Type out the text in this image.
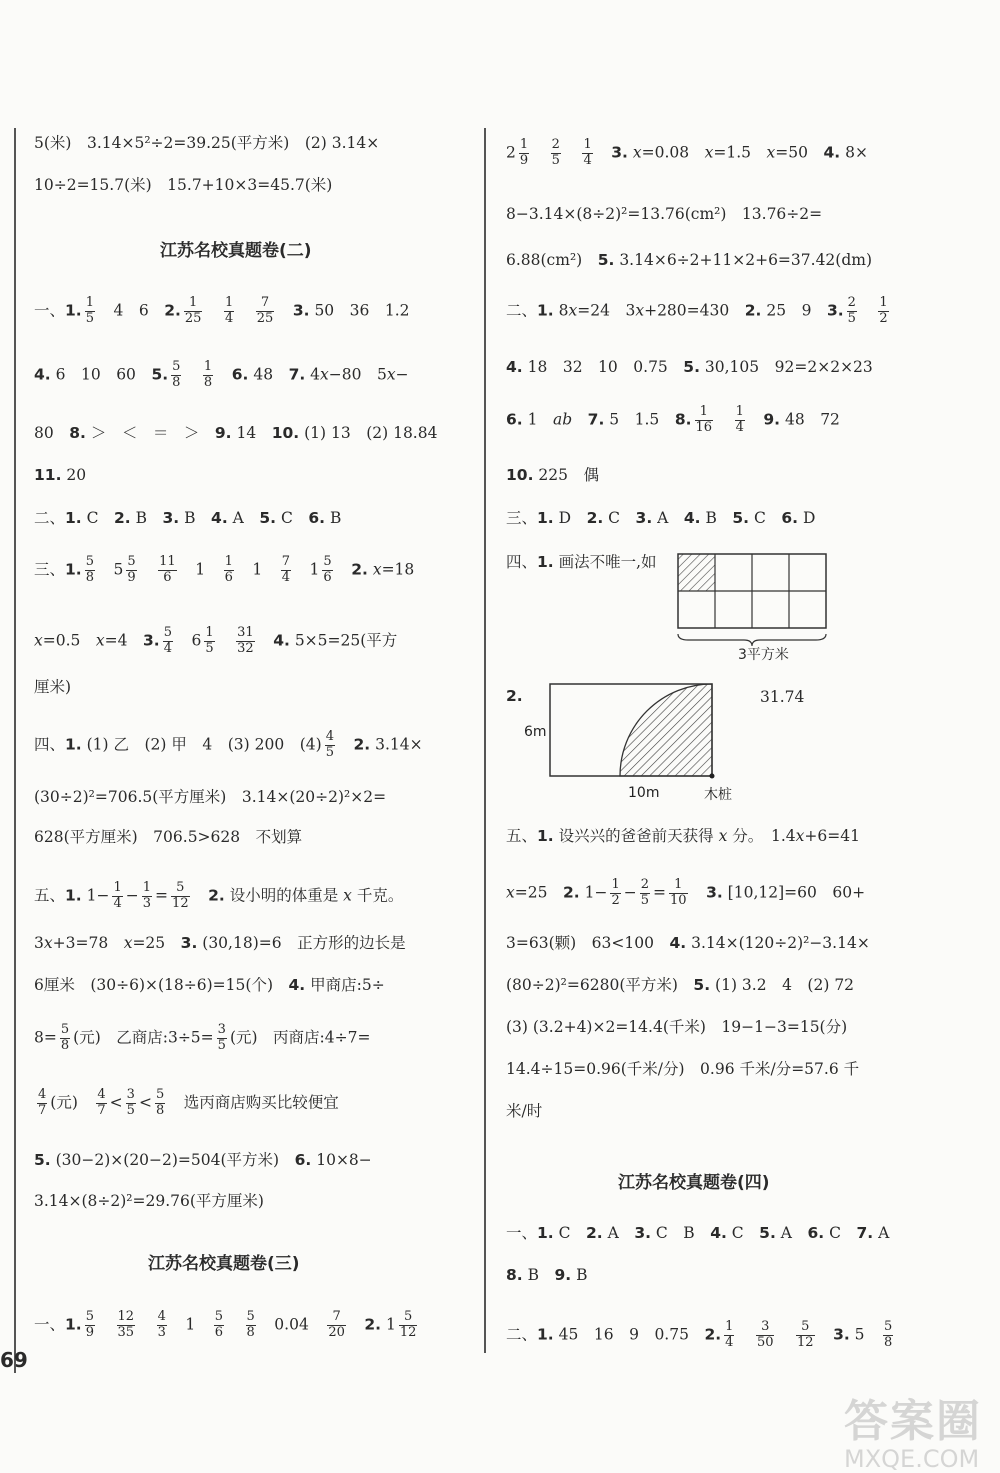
5(米)　3.14×5²÷2=39.25(平方米)　(2) 3.14×
10÷2=15.7(米)　15.7+10×3=45.7(米)
江苏名校真题卷(二)
一、1. $\frac{1}{5}$ 　4　6　2. $\frac{1}{25}$
　 $\frac{1}{4}$
　 $\frac{7}{25}$
　 3. 50　36　1.2
4. 6　10　60　5. $\frac{5}{8}$
　 $\frac{1}{8}$
　 6. 48　7. 4x−80　5x−
80　8. ＞　＜　＝　＞　9. 14　10. (1) 13　(2) 18.84
11. 20
二、1. C　2. B　3. B　4. A　5. C　6. B
三、1. $\frac{5}{8}$ 　$5 \frac{5}{9}$
　 $\frac{11}{6}$ 　1　 $\frac{1}{6}$ 　1　 $\frac{7}{4}$ 　$1 \frac{5}{6}$
　 2. x=18
x=0.5　x=4　3. $\frac{5}{4}$ 　$6 \frac{1}{5}$
　 $\frac{31}{32}$
　 4. 5×5=25(平方
厘米)
四、1. (1) 乙　(2) 甲　4　(3) 200　$(4) \frac{4}{5}$
　 2. 3.14×
(30÷2)²=706.5(平方厘米)　3.14×(20÷2)²×2=
628(平方厘米)　706.5>628　不划算
五、1. $1- \frac{1}{4} - \frac{1}{3} = \frac{5}{12}$
　 2. 设小明的体重是 x 千克。
3x+3=78　x=25　3. (30,18)=6　正方形的边长是
6厘米　(30÷6)×(18÷6)=15(个)　4. 甲商店:5÷
$8= \frac{5}{8}$ (元)　乙商店:3÷5= $\frac{3}{5}$ (元)　丙商店:4÷7=
$\frac{4}{7}$ (元)　 $\frac{4}{7} < \frac{3}{5} < \frac{5}{8}$ 　选丙商店购买比较便宜
5. (30−2)×(20−2)=504(平方米)　6. 10×8−
3.14×(8÷2)²=29.76(平方厘米)
江苏名校真题卷(三)
一、1. $\frac{5}{9}$
　 $\frac{12}{35}$
　 $\frac{4}{3}$ 　1　 $\frac{5}{6}$
　 $\frac{5}{8}$ 　0.04　 $\frac{7}{20}$
　 2. $1 \frac{5}{12}$
$2 \frac{1}{9}$
　 $\frac{2}{5}$
　 $\frac{1}{4}$
　 3. x=0.08　x=1.5　x=50　4. 8×
8−3.14×(8÷2)²=13.76(cm²)　13.76÷2=
6.88(cm²)　5. 3.14×6÷2+11×2+6=37.42(dm)
二、1. 8x=24　3x+280=430　2. 25　9　3. $\frac{2}{5}$
　 $\frac{1}{2}$
4. 18　32　10　0.75　5. 30,105　92=2×2×23
6. 1　ab　 7. 5　1.5　8. $\frac{1}{16}$
　 $\frac{1}{4}$
　 9. 48　72
10. 225　偶
三、1. D　2. C　3. A　4. B　5. C　6. D
四、1. 画法不唯一,如
3平方米
2.
6m
10m	木桩
31.74
五、1. 设兴兴的爸爸前天获得 x 分。　1.4x+6=41
x=25　2. $1- \frac{1}{2} - \frac{2}{5} = \frac{1}{10}$
　 3. [10,12]=60　60+
3=63(颗)　63<100　4. 3.14×(120÷2)²−3.14×
(80÷2)²=6280(平方米)　5. (1) 3.2　4　(2) 72
(3) (3.2+4)×2=14.4(千米)　19−1−3=15(分)
14.4÷15=0.96(千米/分)　0.96 千米/分=57.6 千
米/时
江苏名校真题卷(四)
一、1. C　2. A　3. C　B　4. C　5. A　6. C　7. A
8. B　9. B
二、1. 45　16　9　0.75　2. $\frac{1}{4}$
　 $\frac{3}{50}$
　 $\frac{5}{12}$
　 3. 5　 $\frac{5}{8}$
69
答案圈
MXQE.COM
